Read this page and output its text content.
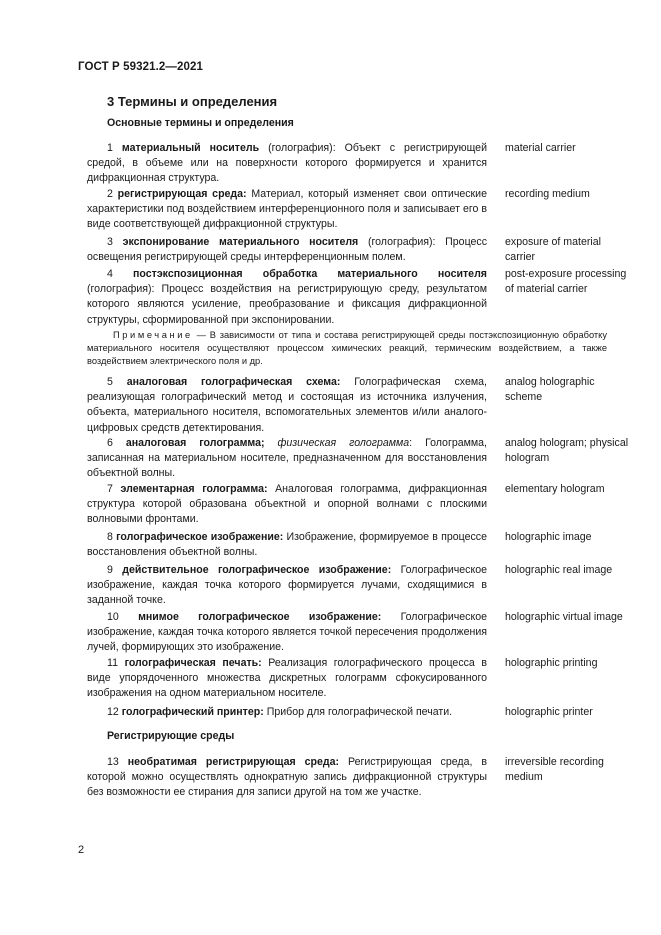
ГОСТ Р 59321.2—2021
3 Термины и определения
Основные термины и определения

1 материальный носитель (голография): Объект с регистрирующей средой, в объеме или на поверхности которого формируется и хранится дифракционная структура.

material carrier

2 регистрирующая среда: Материал, который изменяет свои оптические характеристики под воздействием интерференционного поля и записывает его в виде соответствующей дифракционной структуры.

recording medium

3 экспонирование материального носителя (голография): Процесс освещения регистрирующей среды интерференционным полем.

exposure of material carrier

4 постэкспозиционная обработка материального носителя (голография): Процесс воздействия на регистрирующую среду, результатом которого являются усиление, преобразование и фиксация дифракционной структуры, сформированной при экспонировании.

post-exposure processing of material carrier

Примечание — В зависимости от типа и состава регистрирующей среды постэкспозиционную обработку материального носителя осуществляют процессом химических реакций, термическим воздействием, а также воздействием электрического поля и др.

5 аналоговая голографическая схема: Голографическая схема, реализующая голографический метод и состоящая из источника излучения, объекта, материального носителя, вспомогательных элементов и/или аналого-цифровых средств детектирования.

analog holographic scheme

6 аналоговая голограмма; физическая голограмма: Голограмма, записанная на материальном носителе, предназначенном для восстановления объектной волны.

analog hologram; physical hologram

7 элементарная голограмма: Аналоговая голограмма, дифракционная структура которой образована объектной и опорной волнами с плоскими волновыми фронтами.

elementary hologram

8 голографическое изображение: Изображение, формируемое в процессе восстановления объектной волны.

holographic image

9 действительное голографическое изображение: Голографическое изображение, каждая точка которого формируется лучами, сходящимися в заданной точке.

holographic real image

10 мнимое голографическое изображение: Голографическое изображение, каждая точка которого является точкой пересечения продолжения лучей, формирующих это изображение.

holographic virtual image

11 голографическая печать: Реализация голографического процесса в виде упорядоченного множества дискретных голограмм сфокусированного изображения на одном материальном носителе.

holographic printing

12 голографический принтер: Прибор для голографической печати.	holographic printer
Регистрирующие среды

13 необратимая регистрирующая среда: Регистрирующая среда, в которой можно осуществлять однократную запись дифракционной структуры без возможности ее стирания для записи другой на том же участке.

irreversible recording medium
2
